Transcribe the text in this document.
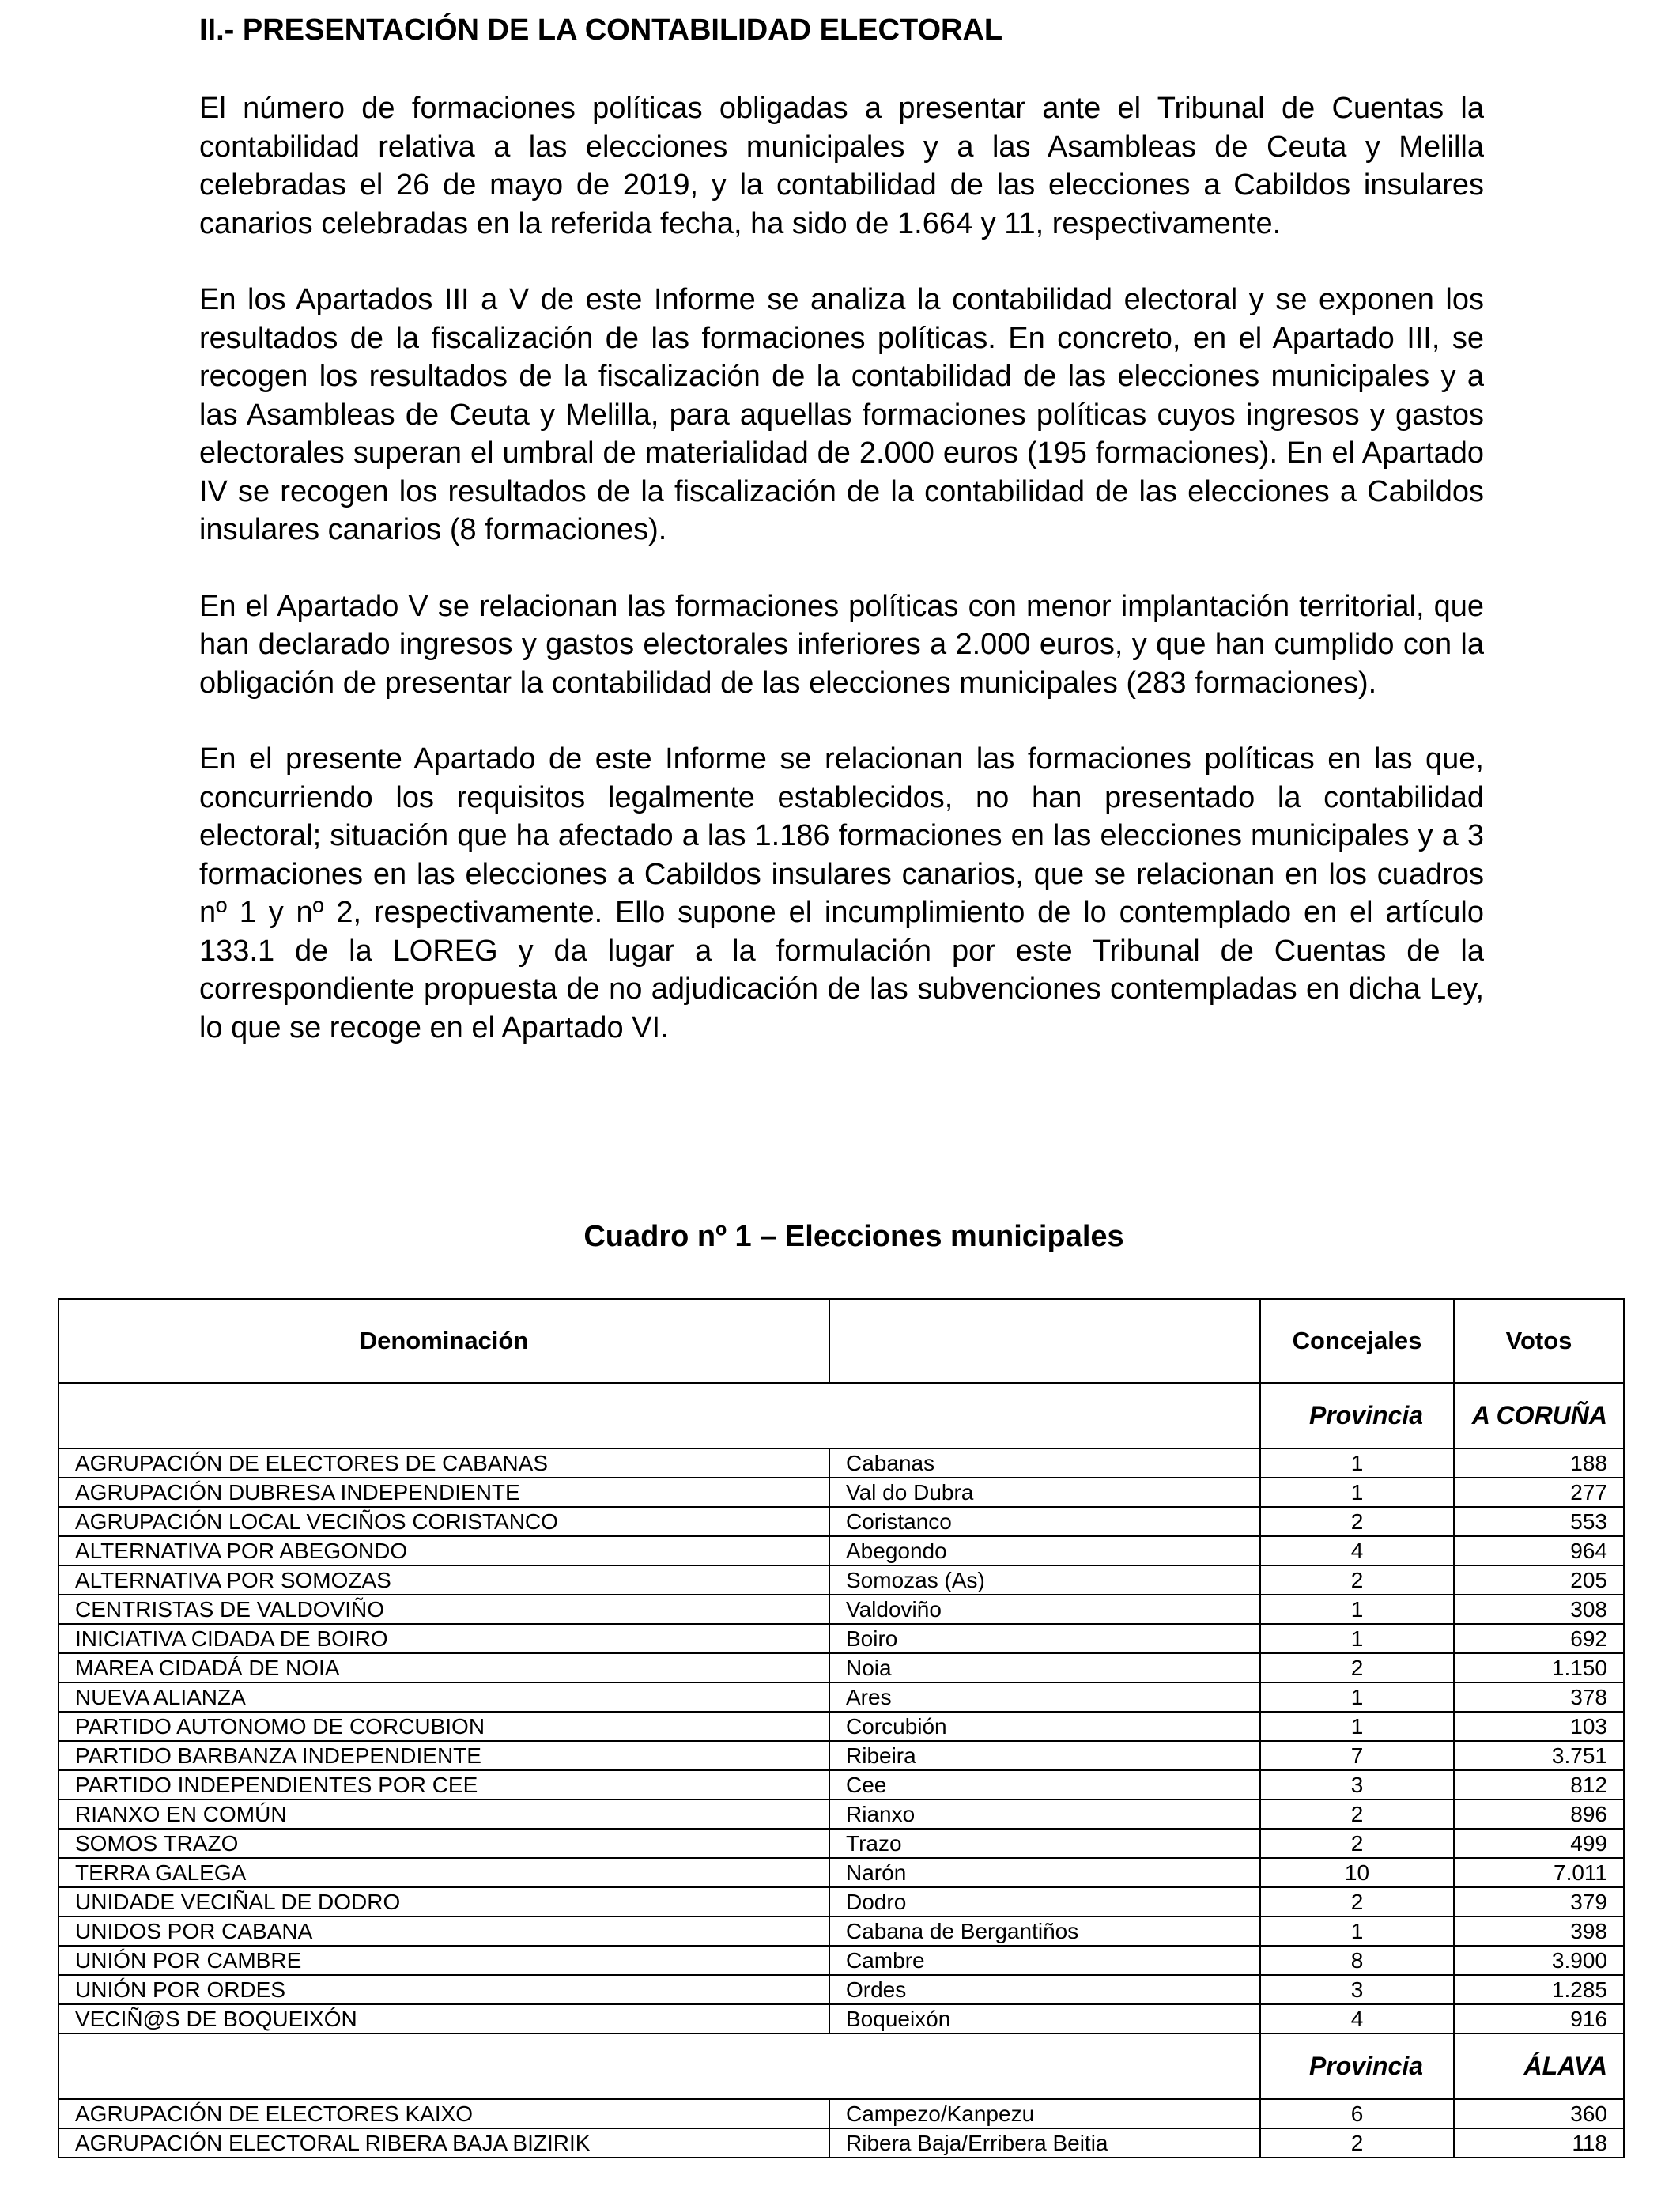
II.- PRESENTACIÓN DE LA CONTABILIDAD ELECTORAL

El número de formaciones políticas obligadas a presentar ante el Tribunal de Cuentas la contabilidad relativa a las elecciones municipales y a las Asambleas de Ceuta y Melilla celebradas el 26 de mayo de 2019, y la contabilidad de las elecciones a Cabildos insulares canarios celebradas en la referida fecha, ha sido de 1.664 y 11, respectivamente.

En los Apartados III a V de este Informe se analiza la contabilidad electoral y se exponen los resultados de la fiscalización de las formaciones políticas. En concreto, en el Apartado III, se recogen los resultados de la fiscalización de la contabilidad de las elecciones municipales y a las Asambleas de Ceuta y Melilla, para aquellas formaciones políticas cuyos ingresos y gastos electorales superan el umbral de materialidad de 2.000 euros (195 formaciones). En el Apartado IV se recogen los resultados de la fiscalización de la contabilidad de las elecciones a Cabildos insulares canarios (8 formaciones).

En el Apartado V se relacionan las formaciones políticas con menor implantación territorial, que han declarado ingresos y gastos electorales inferiores a 2.000 euros, y que han cumplido con la obligación de presentar la contabilidad de las elecciones municipales (283 formaciones).

En el presente Apartado de este Informe se relacionan las formaciones políticas en las que, concurriendo los requisitos legalmente establecidos, no han presentado la contabilidad electoral; situación que ha afectado a las 1.186 formaciones en las elecciones municipales y a 3 formaciones en las elecciones a Cabildos insulares canarios, que se relacionan en los cuadros nº 1 y nº 2, respectivamente. Ello supone el incumplimiento de lo contemplado en el artículo 133.1 de la LOREG y da lugar a la formulación por este Tribunal de Cuentas de la correspondiente propuesta de no adjudicación de las subvenciones contempladas en dicha Ley, lo que se recoge en el Apartado VI.

Cuadro nº 1 – Elecciones municipales
Denominación		Concejales	Votos
		Provincia	A CORUÑA
AGRUPACIÓN DE ELECTORES DE CABANAS	Cabanas	1	188
AGRUPACIÓN DUBRESA INDEPENDIENTE	Val do Dubra	1	277
AGRUPACIÓN LOCAL VECIÑOS CORISTANCO	Coristanco	2	553
ALTERNATIVA POR ABEGONDO	Abegondo	4	964
ALTERNATIVA POR SOMOZAS	Somozas (As)	2	205
CENTRISTAS DE VALDOVIÑO	Valdoviño	1	308
INICIATIVA CIDADA DE BOIRO	Boiro	1	692
MAREA CIDADÁ DE NOIA	Noia	2	1.150
NUEVA ALIANZA	Ares	1	378
PARTIDO AUTONOMO DE CORCUBION	Corcubión	1	103
PARTIDO BARBANZA INDEPENDIENTE	Ribeira	7	3.751
PARTIDO INDEPENDIENTES POR CEE	Cee	3	812
RIANXO EN COMÚN	Rianxo	2	896
SOMOS TRAZO	Trazo	2	499
TERRA GALEGA	Narón	10	7.011
UNIDADE VECIÑAL DE DODRO	Dodro	2	379
UNIDOS POR CABANA	Cabana de Bergantiños	1	398
UNIÓN POR CAMBRE	Cambre	8	3.900
UNIÓN POR ORDES	Ordes	3	1.285
VECIÑ@S DE BOQUEIXÓN	Boqueixón	4	916
		Provincia	ÁLAVA
AGRUPACIÓN DE ELECTORES KAIXO	Campezo/Kanpezu	6	360
AGRUPACIÓN ELECTORAL RIBERA BAJA BIZIRIK	Ribera Baja/Erribera Beitia	2	118
